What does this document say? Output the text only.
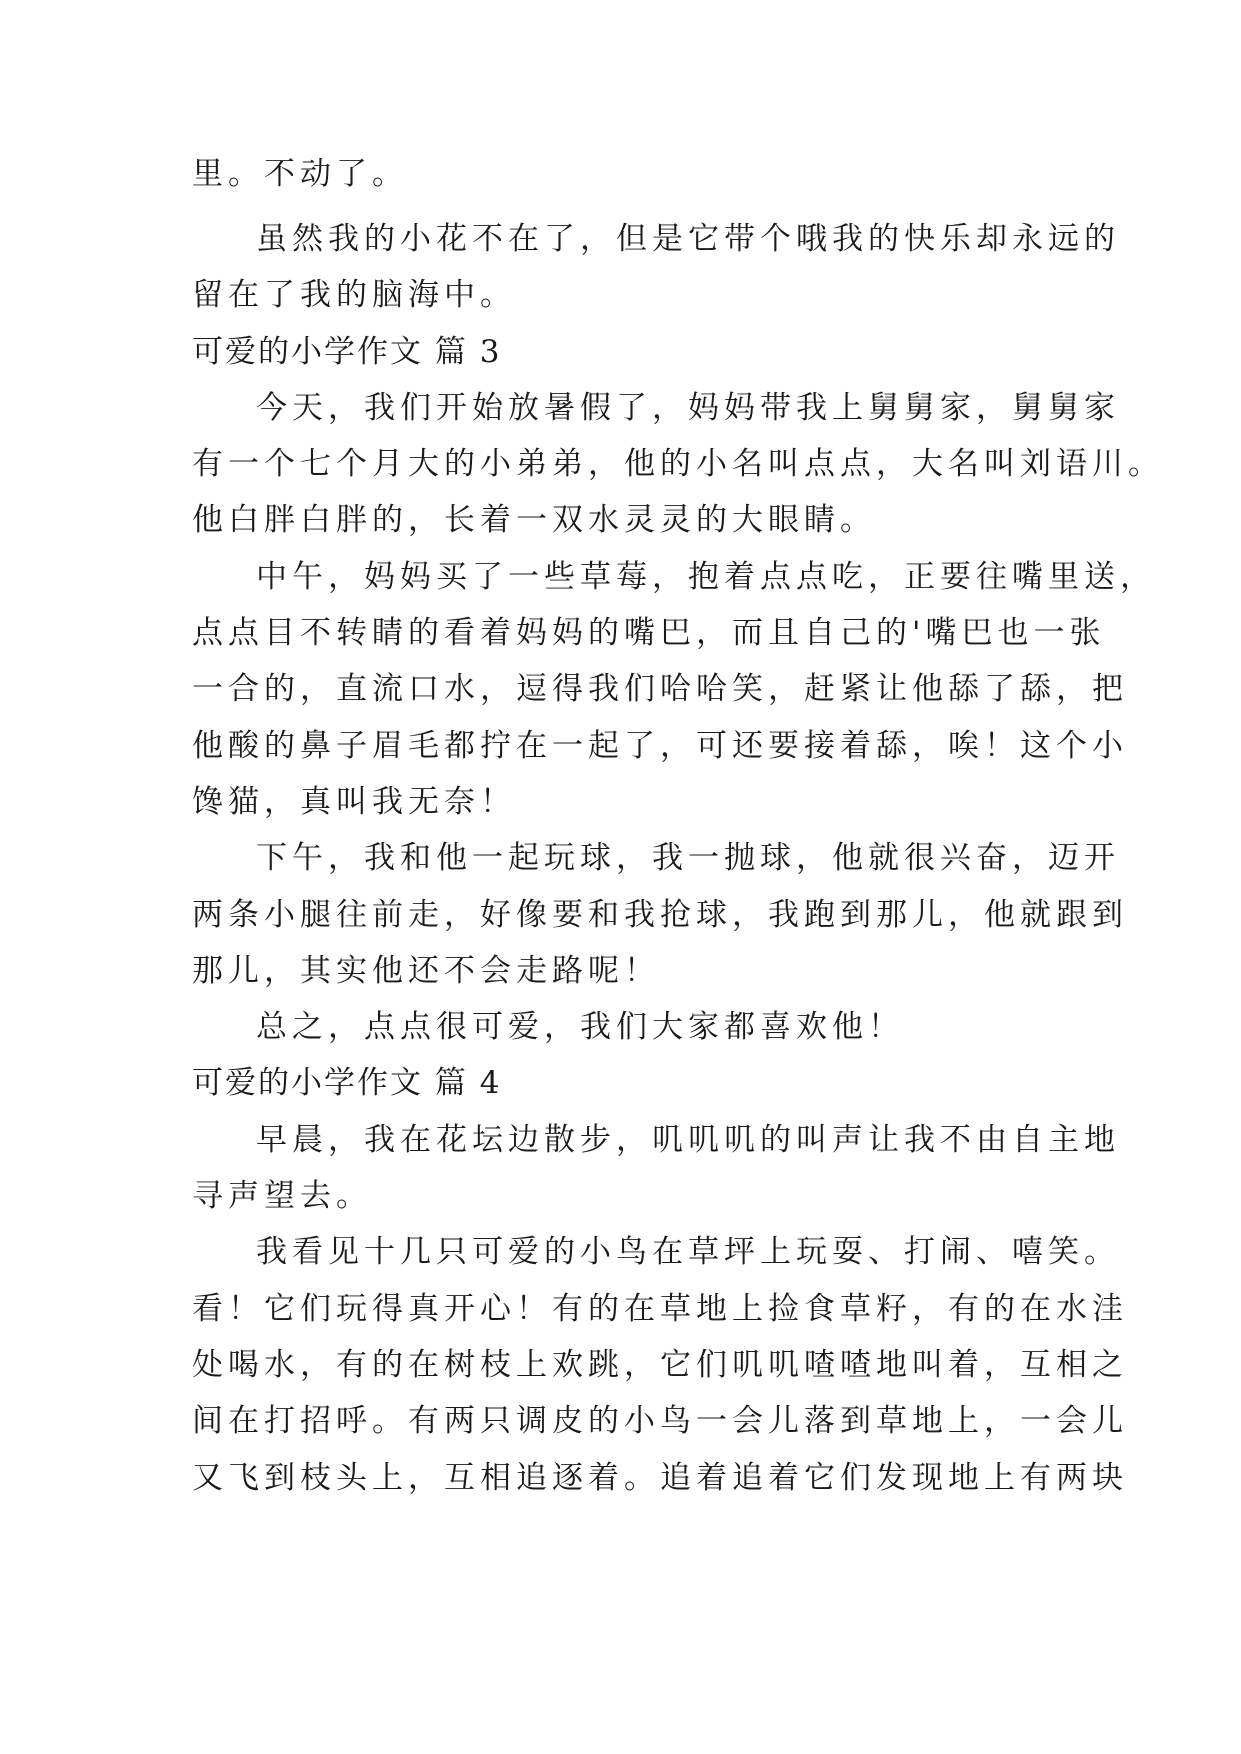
里。不动了。
虽然我的小花不在了，但是它带个哦我的快乐却永远的
留在了我的脑海中。
可爱的小学作文 篇 3
今天，我们开始放暑假了，妈妈带我上舅舅家，舅舅家
有一个七个月大的小弟弟，他的小名叫点点，大名叫刘语川。
他白胖白胖的，长着一双水灵灵的大眼睛。
中午，妈妈买了一些草莓，抱着点点吃，正要往嘴里送，
点点目不转睛的看着妈妈的嘴巴，而且自己的'嘴巴也一张
一合的，直流口水，逗得我们哈哈笑，赶紧让他舔了舔，把
他酸的鼻子眉毛都拧在一起了，可还要接着舔，唉！这个小
馋猫，真叫我无奈！
下午，我和他一起玩球，我一抛球，他就很兴奋，迈开
两条小腿往前走，好像要和我抢球，我跑到那儿，他就跟到
那儿，其实他还不会走路呢！
总之，点点很可爱，我们大家都喜欢他！
可爱的小学作文 篇 4
早晨，我在花坛边散步，叽叽叽的叫声让我不由自主地
寻声望去。
我看见十几只可爱的小鸟在草坪上玩耍、打闹、嘻笑。
看！它们玩得真开心！有的在草地上捡食草籽，有的在水洼
处喝水，有的在树枝上欢跳，它们叽叽喳喳地叫着，互相之
间在打招呼。有两只调皮的小鸟一会儿落到草地上，一会儿
又飞到枝头上，互相追逐着。追着追着它们发现地上有两块
